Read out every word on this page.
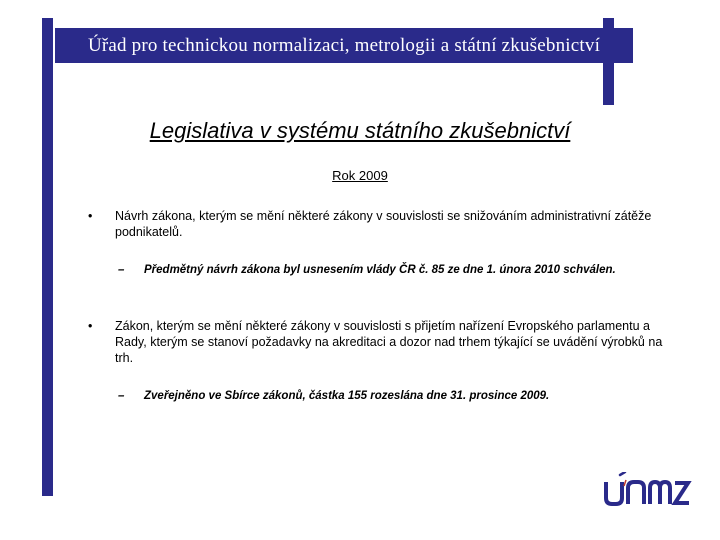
Úřad pro technickou normalizaci, metrologii a státní zkušebnictví
Legislativa v systému státního zkušebnictví
Rok 2009
• Návrh zákona, kterým se mění některé zákony v souvislosti se snižováním administrativní zátěže podnikatelů.
– Předmětný návrh zákona byl usnesením vlády ČR č. 85 ze dne 1. února 2010 schválen.
• Zákon, kterým se mění některé zákony v souvislosti s přijetím nařízení Evropského parlamentu a Rady, kterým se stanoví požadavky na akreditaci a dozor nad trhem týkající se uvádění výrobků na trh.
– Zveřejněno ve Sbírce zákonů, částka 155 rozeslána dne 31. prosince 2009.
